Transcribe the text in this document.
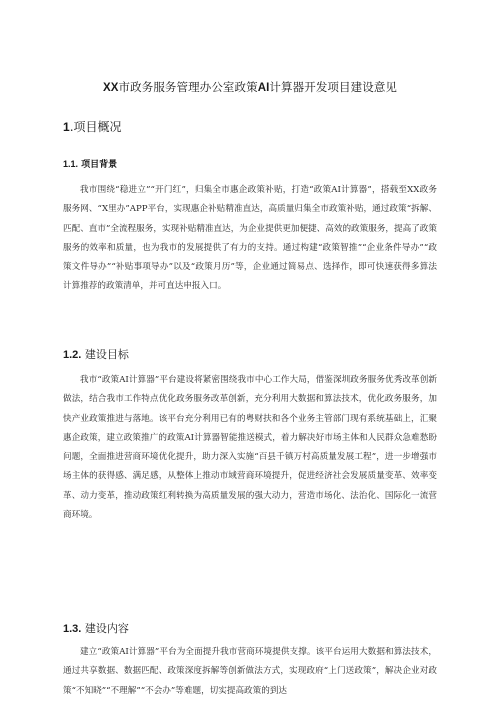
XX市政务服务管理办公室政策AI计算器开发项目建设意见
1.项目概况
1.1. 项目背景
我市围绕“稳进立”“开门红”，归集全市惠企政策补贴，打造“政策AI计算器”，搭载至XX政务服务网、“X里办”APP平台，实现惠企补贴精准直达，高质量归集全市政策补贴，通过政策“拆解、匹配、直市”全流程服务，实现补贴精准直达，为企业提供更加便捷、高效的政策服务，提高了政策服务的效率和质量，也为我市的发展提供了有力的支持。通过构建“政策智推”“企业条件导办”“政策文件导办”“补贴事项导办”以及“政策月历”等，企业通过简易点、选择作，即可快速获得多算法计算推荐的政策清单，并可直达申报入口。
1.2. 建设目标
我市“政策AI计算器”平台建设将紧密围绕我市中心工作大局，借鉴深圳政务服务优秀改革创新做法，结合我市工作特点优化政务服务改革创新，充分利用大数据和算法技术，优化政务服务，加快产业政策推进与落地。该平台充分利用已有的粤财扶和各个业务主管部门现有系统基础上，汇聚惠企政策，建立政策推广的政策AI计算器智能推送模式，着力解决好市场主体和人民群众急难愁盼问题，全面推进营商环境优化提升，助力深入实施“百县千镇万村高质量发展工程”，进一步增强市场主体的获得感、满足感，从整体上推动市域营商环境提升，促进经济社会发展质量变革、效率变革、动力变革，推动政策红利转换为高质量发展的强大动力，营造市场化、法治化、国际化一流营商环境。
1.3. 建设内容
建立“政策AI计算器”平台为全面提升我市营商环境提供支撑。该平台运用大数据和算法技术，通过共享数据、数据匹配、政策深度拆解等创新做法方式，实现政府“上门送政策”，解决企业对政策“不知晓”“不理解”“不会办”等难题，切实提高政策的到达
